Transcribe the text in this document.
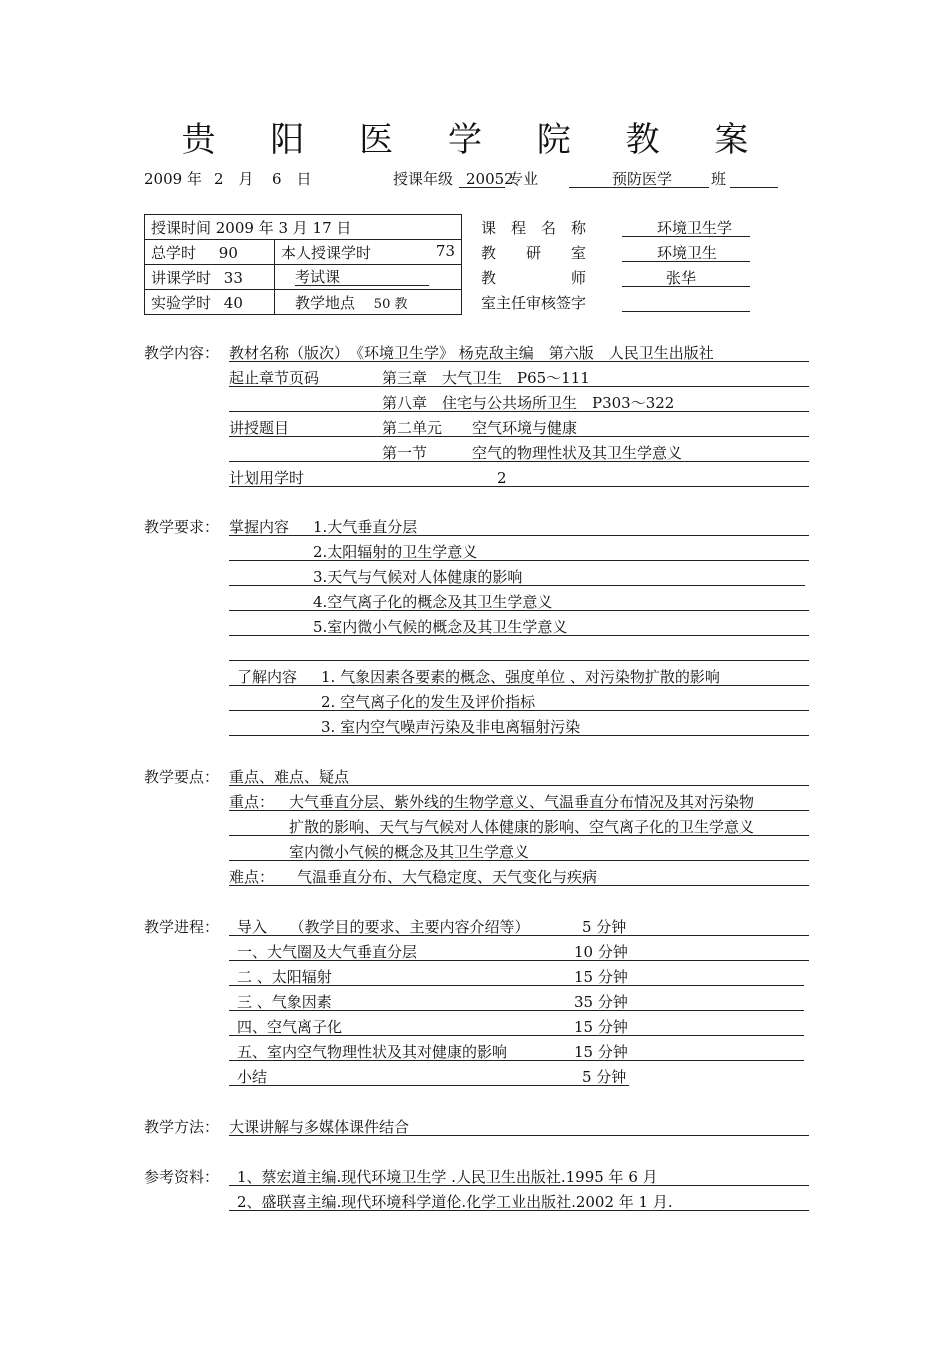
贵 阳 医 学 院 教 案
2009 年 2　月 6　日	授课年级 20052
专业	预防医学	班
授课时间 2009 年 3 月 17 日	
总学时 90	本人授课学时 73

讲课学时 33	考试课
实验学时 40	教学地点 50 教
课　程　名　称	环境卫生学
教　　研　　室	环境卫生
教　　　　　师	张华
室主任审核签字
教学内容： 教材名称（版次）　《环境卫生学》 杨克敌主编　第六版　人民卫生出版社
起止章节页码	第三章　大气卫生　P65～111
第八章　住宅与公共场所卫生　P303～322
讲授题目	第二单元　　空气环境与健康
第一节　　　空气的物理性状及其卫生学意义
计划用学时	2
教学要求： 掌握内容 1.大气垂直分层
2.太阳辐射的卫生学意义
3.天气与气候对人体健康的影响
4.空气离子化的概念及其卫生学意义
5.室内微小气候的概念及其卫生学意义
了解内容 1. 气象因素各要素的概念、强度单位 、对污染物扩散的影响
2. 空气离子化的发生及评价指标
3. 室内空气噪声污染及非电离辐射污染
教学要点： 重点、难点、疑点
重点： 大气垂直分层、紫外线的生物学意义、气温垂直分布情况及其对污染物
扩散的影响、天气与气候对人体健康的影响、空气离子化的卫生学意义
室内微小气候的概念及其卫生学意义
难点： 气温垂直分布、大气稳定度、天气变化与疾病
教学进程： 导入　　（教学目的要求、主要内容介绍等）	5 分钟
一、大气圈及大气垂直分层	10 分钟
二 、太阳辐射	15 分钟
三 、气象因素	35 分钟
四、空气离子化	15 分钟
五、室内空气物理性状及其对健康的影响	15 分钟
小结	5 分钟
教学方法： 大课讲解与多媒体课件结合
参考资料： 1、蔡宏道主编.现代环境卫生学 .人民卫生出版社.1995 年 6 月
2、盛联喜主编.现代环境科学道伦.化学工业出版社.2002 年 1 月.
